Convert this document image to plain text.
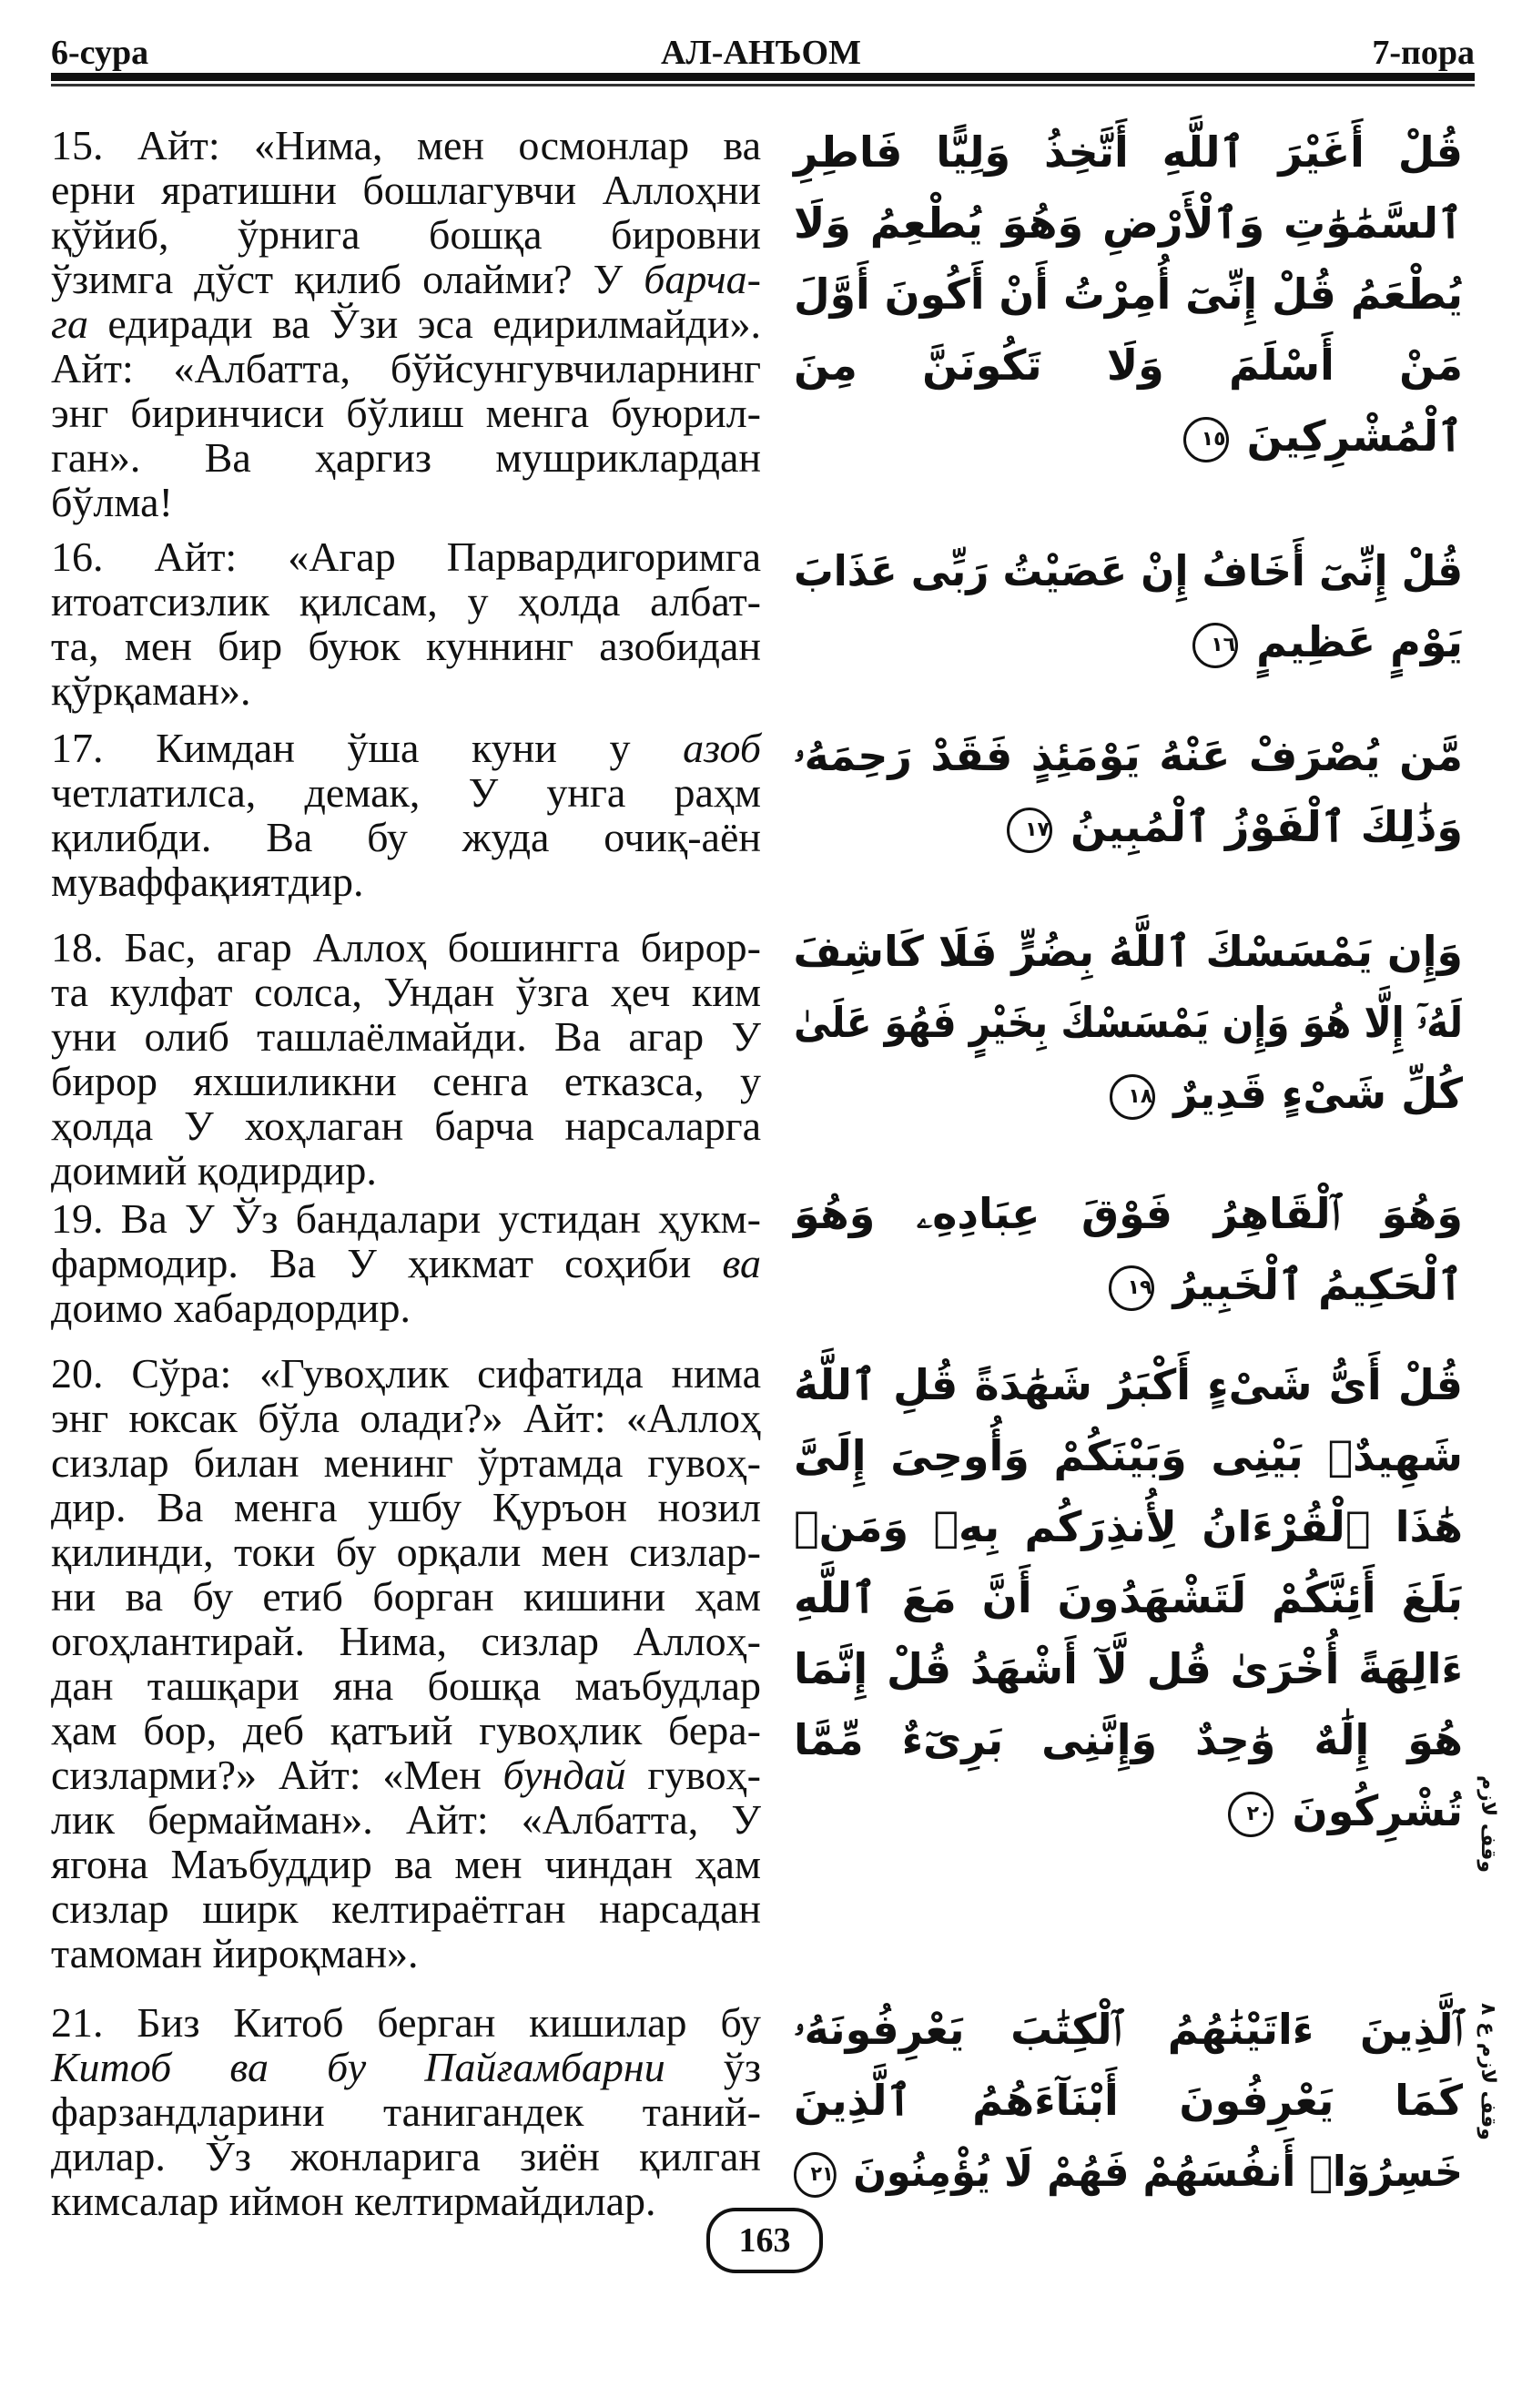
6-сура	АЛ-АНЪОМ	7-пора
15. Айт: «Нима, мен осмонлар ва
ерни яратишни бошлагувчи Аллоҳни
қўйиб, ўрнига бошқа бировни
ўзимга дўст қилиб олайми? У барча-
га едиради ва Ўзи эса едирилмайди».
Айт: «Албатта, бўйсунгувчиларнинг
энг биринчиси бўлиш менга буюрил-
ган». Ва ҳаргиз мушриклардан
бўлма!
قُلْ أَغَيْرَ ٱللَّهِ أَتَّخِذُ وَلِيًّا فَاطِرِ
ٱلسَّمَٰوَٰتِ وَٱلْأَرْضِ وَهُوَ يُطْعِمُ وَلَا
يُطْعَمُ قُلْ إِنِّىٓ أُمِرْتُ أَنْ أَكُونَ أَوَّلَ
مَنْ أَسْلَمَ وَلَا تَكُونَنَّ مِنَ
ٱلْمُشْرِكِينَ ١٥
16. Айт: «Агар Парвардигоримга
итоатсизлик қилсам, у ҳолда албат-
та, мен бир буюк куннинг азобидан
қўрқаман».
قُلْ إِنِّىٓ أَخَافُ إِنْ عَصَيْتُ رَبِّى عَذَابَ
يَوْمٍ عَظِيمٍ ١٦
17. Кимдан ўша куни у азоб
четлатилса, демак, У унга раҳм
қилибди. Ва бу жуда очиқ-аён
муваффақиятдир.
مَّن يُصْرَفْ عَنْهُ يَوْمَئِذٍ فَقَدْ رَحِمَهُۥ
وَذَٰلِكَ ٱلْفَوْزُ ٱلْمُبِينُ ١٧
18. Бас, агар Аллоҳ бошингга бирор-
та кулфат солса, Ундан ўзга ҳеч ким
уни олиб ташлаёлмайди. Ва агар У
бирор яхшиликни сенга етказса, у
ҳолда У хоҳлаган барча нарсаларга
доимий қодирдир.
وَإِن يَمْسَسْكَ ٱللَّهُ بِضُرٍّ فَلَا كَاشِفَ
لَهُۥٓ إِلَّا هُوَ وَإِن يَمْسَسْكَ بِخَيْرٍ فَهُوَ عَلَىٰ
كُلِّ شَىْءٍ قَدِيرٌ ١٨
19. Ва У Ўз бандалари устидан ҳукм-
фармодир. Ва У ҳикмат соҳиби ва
доимо хабардордир.
وَهُوَ ٱلْقَاهِرُ فَوْقَ عِبَادِهِۦ وَهُوَ
ٱلْحَكِيمُ ٱلْخَبِيرُ ١٩
20. Сўра: «Гувоҳлик сифатида нима
энг юксак бўла олади?» Айт: «Аллоҳ
сизлар билан менинг ўртамда гувоҳ-
дир. Ва менга ушбу Қуръон нозил
қилинди, токи бу орқали мен сизлар-
ни ва бу етиб борган кишини ҳам
огоҳлантирай. Нима, сизлар Аллоҳ-
дан ташқари яна бошқа маъбудлар
ҳам бор, деб қатъий гувоҳлик бера-
сизларми?» Айт: «Мен бундай гувоҳ-
лик бермайман». Айт: «Албатта, У
ягона Маъбуддир ва мен чиндан ҳам
сизлар ширк келтираётган нарсадан
тамоман йироқман».
قُلْ أَىُّ شَىْءٍ أَكْبَرُ شَهَٰدَةً قُلِ ٱللَّهُ
شَهِيدٌۢ بَيْنِى وَبَيْنَكُمْ وَأُوحِىَ إِلَىَّ
هَٰذَا ٱلْقُرْءَانُ لِأُنذِرَكُم بِهِۦ وَمَنۢ
بَلَغَ أَئِنَّكُمْ لَتَشْهَدُونَ أَنَّ مَعَ ٱللَّهِ
ءَالِهَةً أُخْرَىٰ قُل لَّآ أَشْهَدُ قُلْ إِنَّمَا
هُوَ إِلَٰهٌ وَٰحِدٌ وَإِنَّنِى بَرِىٓءٌ مِّمَّا
تُشْرِكُونَ ٢٠	وقف لازم
21. Биз Китоб берган кишилар бу
Китоб ва бу Пайғамбарни ўз
фарзандларини танигандек таний-
дилар. Ўз жонларига зиён қилган
кимсалар иймон келтирмайдилар.
ٱلَّذِينَ ءَاتَيْنَٰهُمُ ٱلْكِتَٰبَ يَعْرِفُونَهُۥ
كَمَا يَعْرِفُونَ أَبْنَآءَهُمُ ٱلَّذِينَ
خَسِرُوٓا۟ أَنفُسَهُمْ فَهُمْ لَا يُؤْمِنُونَ ٢١
وقف لازم ع ٨
163
